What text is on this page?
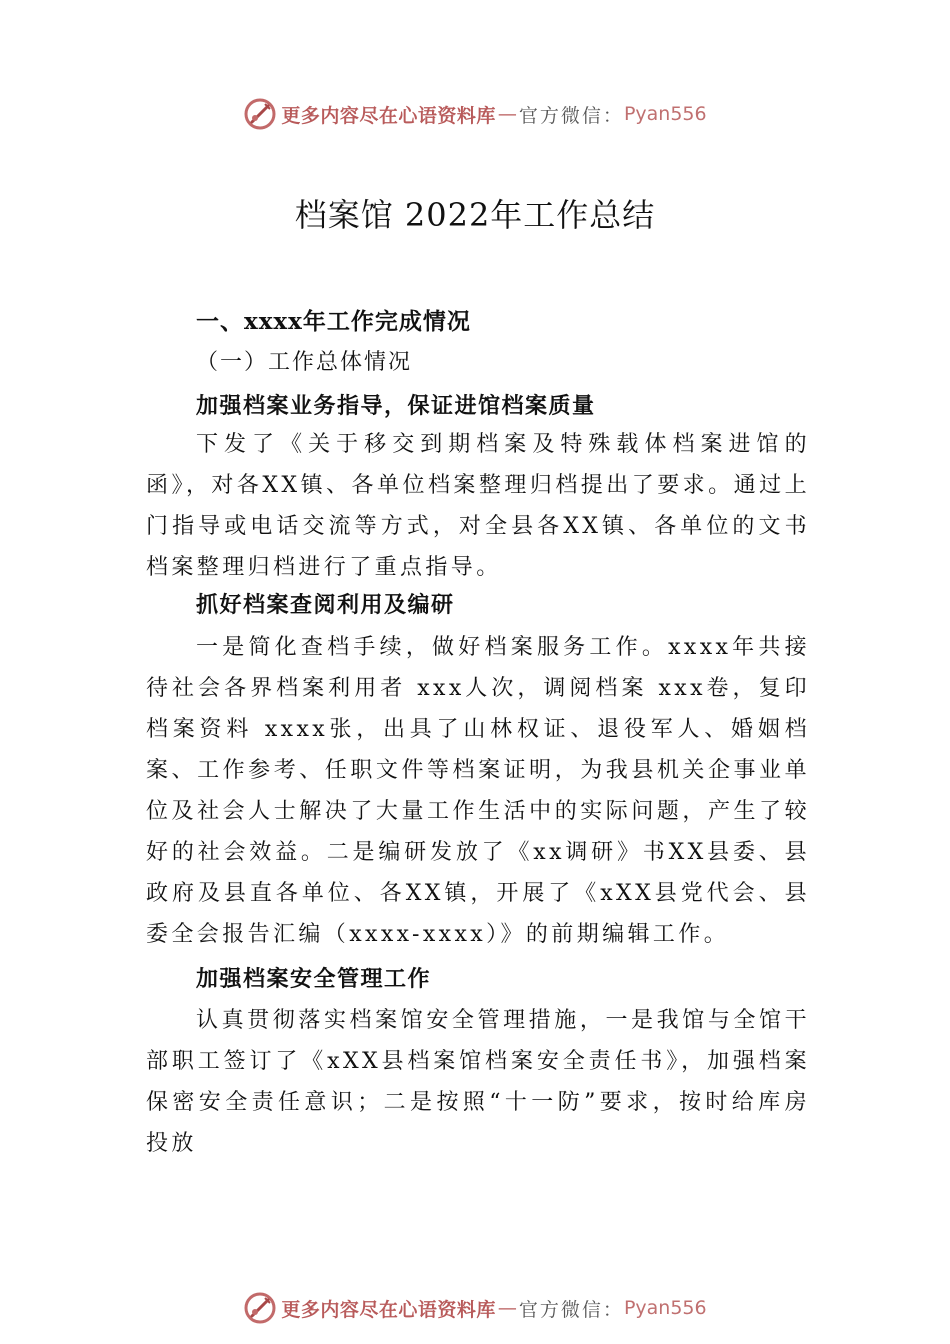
更多内容尽在心语资料库 — 官方微信： Pyan556
档案馆 2022年工作总结
一、xxxx年工作完成情况
（一）工作总体情况
加强档案业务指导，保证进馆档案质量

下发了《关于移交到期档案及特殊载体档案进馆的函》，对各XX镇、各单位档案整理归档提出了要求。通过上门指导或电话交流等方式，对全县各XX镇、各单位的文书档案整理归档进行了重点指导。

抓好档案查阅利用及编研

一是简化查档手续，做好档案服务工作。xxxx年共接待社会各界档案利用者 xxx人次，调阅档案 xxx卷，复印档案资料 xxxx张，出具了山林权证、退役军人、婚姻档案、工作参考、任职文件等档案证明，为我县机关企事业单位及社会人士解决了大量工作生活中的实际问题，产生了较好的社会效益。二是编研发放了《xx调研》书XX县委、县政府及县直各单位、各XX镇，开展了《xXX县党代会、县委全会报告汇编（xxxx-xxxx）》的前期编辑工作。

加强档案安全管理工作

认真贯彻落实档案馆安全管理措施，一是我馆与全馆干部职工签订了《xXX县档案馆档案安全责任书》，加强档案保密安全责任意识；二是按照“十一防”要求，按时给库房投放

更多内容尽在心语资料库 — 官方微信： Pyan556
